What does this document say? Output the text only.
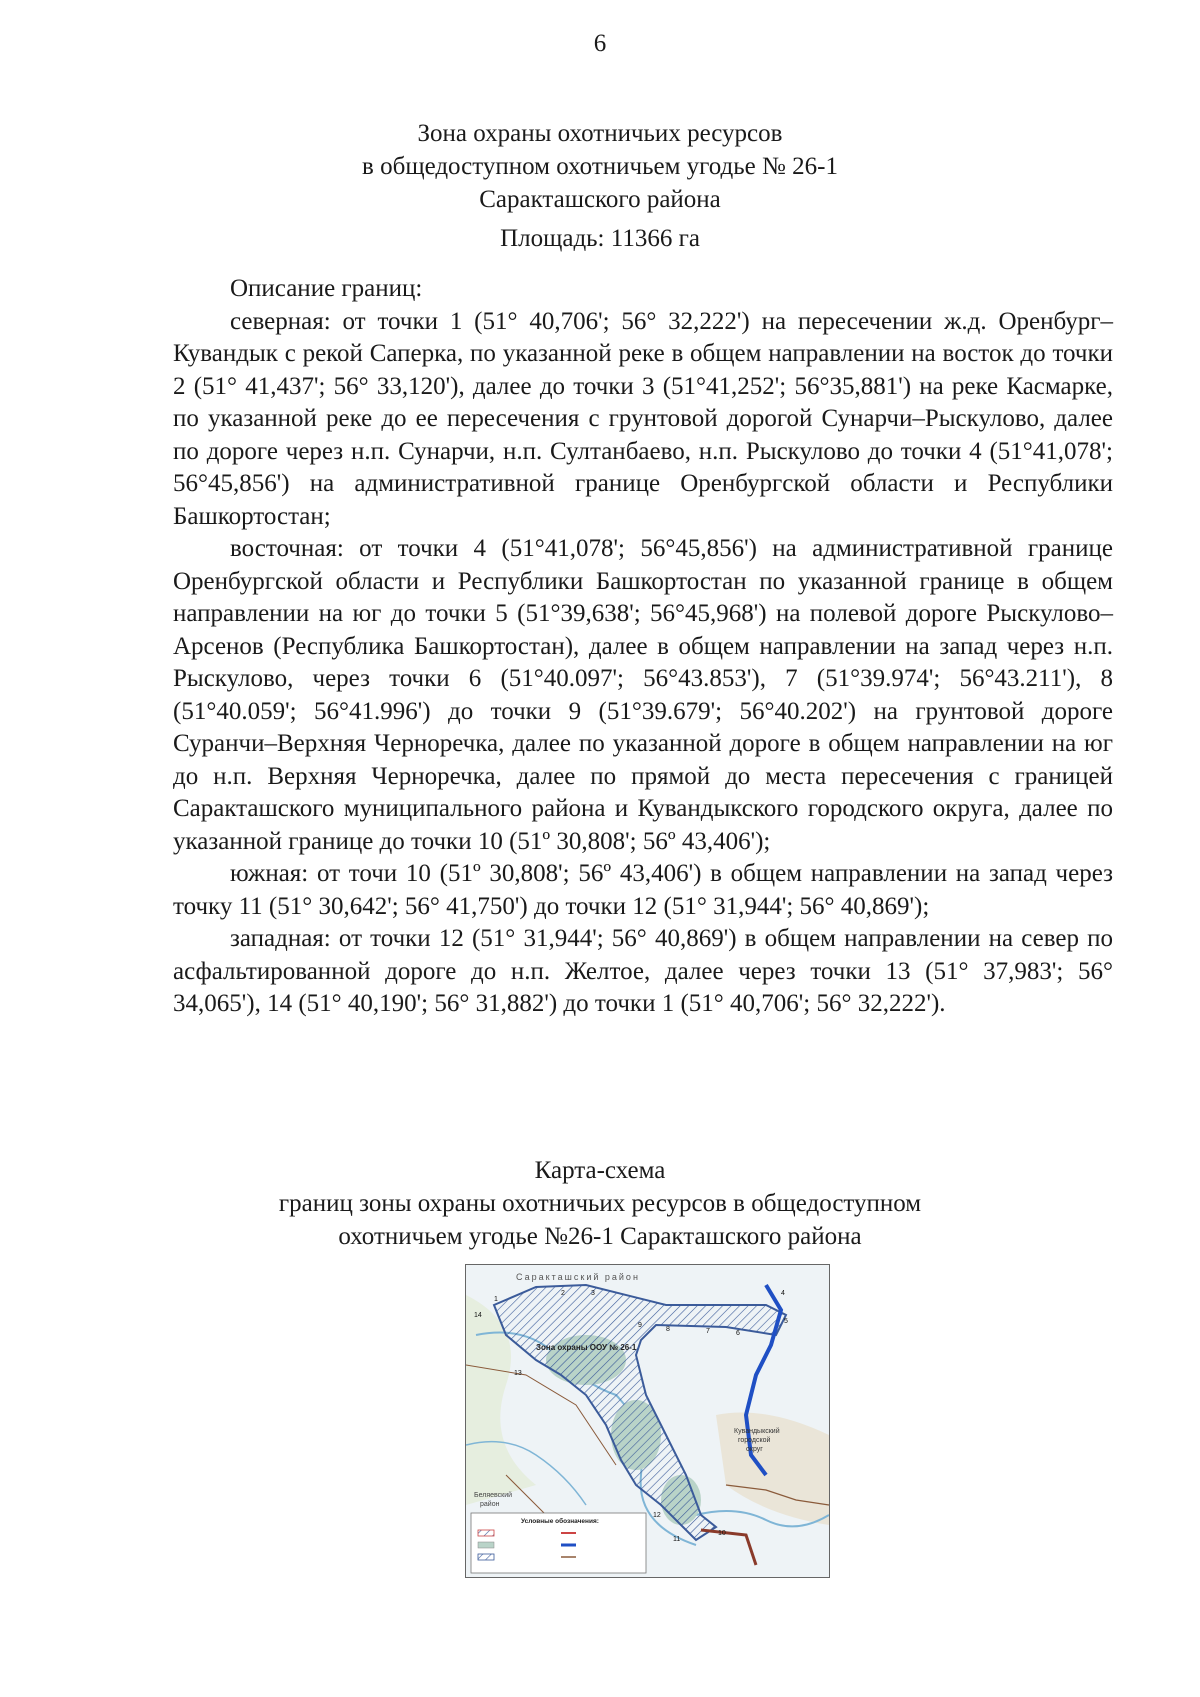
6
Зона охраны охотничьих ресурсов
в общедоступном охотничьем угодье № 26-1
Саракташского района
Площадь: 11366 га

Описание границ:

северная: от точки 1 (51° 40,706'; 56° 32,222') на пересечении ж.д. Оренбург–Кувандык с рекой Саперка, по указанной реке в общем направлении на восток до точки 2 (51° 41,437'; 56° 33,120'), далее до точки 3 (51°41,252'; 56°35,881') на реке Касмарке, по указанной реке до ее пересечения с грунтовой дорогой Сунарчи–Рыскулово, далее по дороге через н.п. Сунарчи, н.п. Султанбаево, н.п. Рыскулово до точки 4 (51°41,078'; 56°45,856') на административной границе Оренбургской области и Республики Башкортостан;

восточная: от точки 4 (51°41,078'; 56°45,856') на административной границе Оренбургской области и Республики Башкортостан по указанной границе в общем направлении на юг до точки 5 (51°39,638'; 56°45,968') на полевой дороге Рыскулово–Арсенов (Республика Башкортостан), далее в общем направлении на запад через н.п. Рыскулово, через точки 6 (51°40.097'; 56°43.853'), 7 (51°39.974'; 56°43.211'), 8 (51°40.059'; 56°41.996') до точки 9 (51°39.679'; 56°40.202') на грунтовой дороге Суранчи–Верхняя Черноречка, далее по указанной дороге в общем направлении на юг до н.п. Верхняя Черноречка, далее по прямой до места пересечения с границей Саракташского муниципального района и Кувандыкского городского округа, далее по указанной границе до точки 10 (51º 30,808'; 56º 43,406');

южная: от точи 10 (51º 30,808'; 56º 43,406') в общем направлении на запад через точку 11 (51° 30,642'; 56° 41,750') до точки 12 (51° 31,944'; 56° 40,869');

западная: от точки 12 (51° 31,944'; 56° 40,869') в общем направлении на север по асфальтированной дороге до н.п. Желтое, далее через точки 13 (51° 37,983'; 56° 34,065'), 14 (51° 40,190'; 56° 31,882') до точки 1 (51° 40,706'; 56° 32,222').

Карта-схема
границ зоны охраны охотничьих ресурсов в общедоступном
охотничьем угодье №26-1 Саракташского района
Саракташский район
Зона охраны ООУ № 26-1
Кувандыкский
городской
округ
Беляевский
район
1
2	3	4
5
6
7
8
9
10
11
12
13
14
Условные обозначения:
